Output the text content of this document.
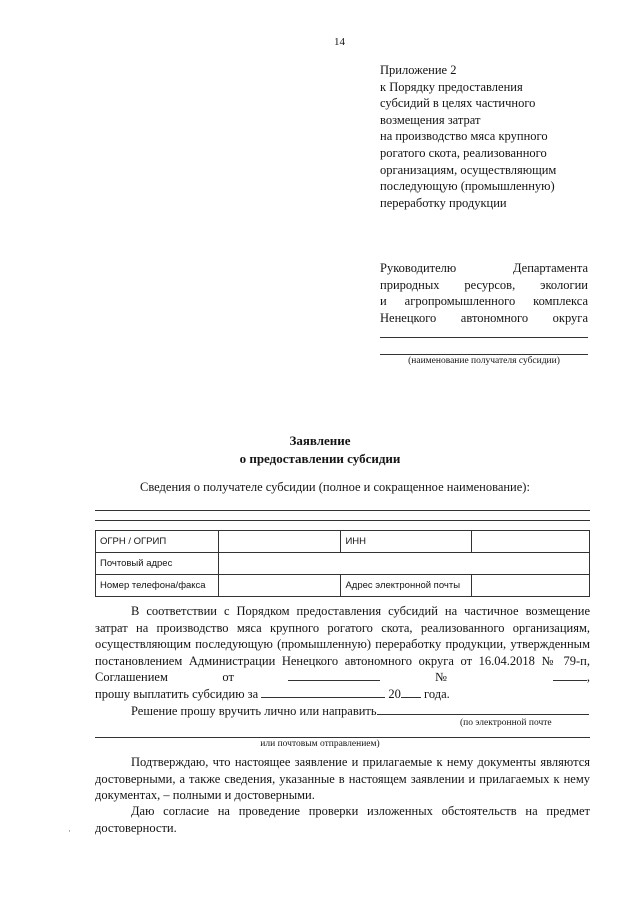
14
Приложение 2
к Порядку предоставления
субсидий в целях частичного
возмещения затрат
на производство мяса крупного
рогатого скота, реализованного
организациям, осуществляющим
последующую (промышленную)
переработку продукции
Руководителю Департамента
природных ресурсов, экологии
и агропромышленного комплекса
Ненецкого автономного округа
(наименование получателя субсидии)
Заявление
о предоставлении субсидии
Сведения о получателе субсидии (полное и сокращенное наименование):
ОГРН / ОГРИП		ИНН	
Почтовый адрес			
Номер телефона/факса		Адрес электронной почты	

В соответствии с Порядком предоставления субсидий на частичное возмещение затрат на производство мяса крупного рогатого скота, реализованного организациям, осуществляющим последующую (промышленную) переработку продукции, утвержденным постановлением Администрации Ненецкого автономного округа от 16.04.2018 № 79-п, Соглашением от	№	,

прошу выплатить субсидию за	20 года.

Решение прошу вручить лично или направить

(по электронной почте
или почтовым отправлением)

Подтверждаю, что настоящее заявление и прилагаемые к нему документы являются достоверными, а также сведения, указанные в настоящем заявлении и прилагаемых к нему документах, – полными и достоверными.

Даю согласие на проведение проверки изложенных обстоятельств на предмет достоверности.

·
